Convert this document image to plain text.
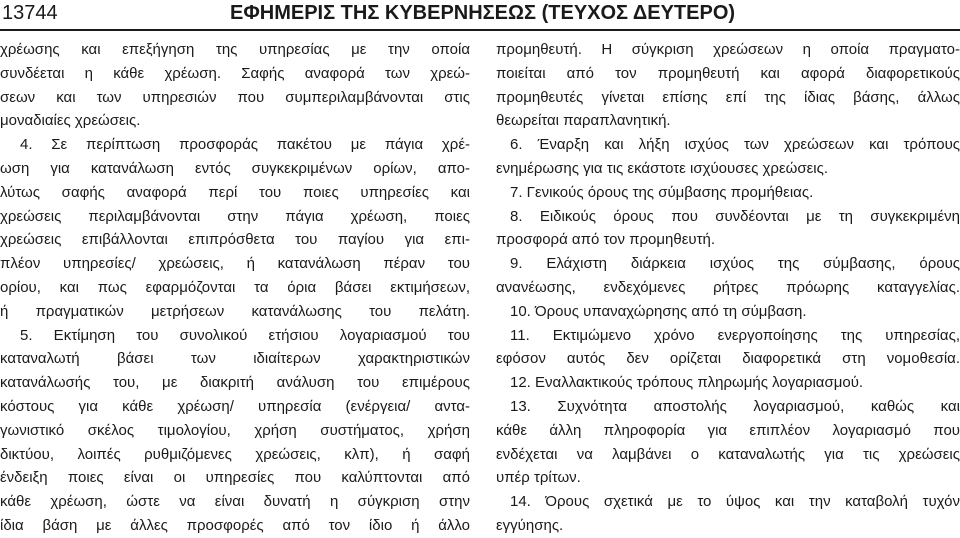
13744	ΕΦΗΜΕΡΙΣ ΤΗΣ ΚΥΒΕΡΝΗΣΕΩΣ (ΤΕΥΧΟΣ ΔΕΥΤΕΡΟ)
χρέωσης και επεξήγηση της υπηρεσίας με την οποία
συνδέεται η κάθε χρέωση. Σαφής αναφορά των χρεώ-
σεων και των υπηρεσιών που συμπεριλαμβάνονται στις
μοναδιαίες χρεώσεις.
4. Σε περίπτωση προσφοράς πακέτου με πάγια χρέ-
ωση για κατανάλωση εντός συγκεκριμένων ορίων, απο-
λύτως σαφής αναφορά περί του ποιες υπηρεσίες και
χρεώσεις περιλαμβάνονται στην πάγια χρέωση, ποιες
χρεώσεις επιβάλλονται επιπρόσθετα του παγίου για επι-
πλέον υπηρεσίες/ χρεώσεις, ή κατανάλωση πέραν του
ορίου, και πως εφαρμόζονται τα όρια βάσει εκτιμήσεων,
ή πραγματικών μετρήσεων κατανάλωσης του πελάτη.
5. Εκτίμηση του συνολικού ετήσιου λογαριασμού του
καταναλωτή βάσει των ιδιαίτερων χαρακτηριστικών
κατανάλωσής του, με διακριτή ανάλυση του επιμέρους
κόστους για κάθε χρέωση/ υπηρεσία (ενέργεια/ αντα-
γωνιστικό σκέλος τιμολογίου, χρήση συστήματος, χρήση
δικτύου, λοιπές ρυθμιζόμενες χρεώσεις, κλπ), ή σαφή
ένδειξη ποιες είναι οι υπηρεσίες που καλύπτονται από
κάθε χρέωση, ώστε να είναι δυνατή η σύγκριση στην
ίδια βάση με άλλες προσφορές από τον ίδιο ή άλλο
προμηθευτή. Η σύγκριση χρεώσεων η οποία πραγματο-
ποιείται από τον προμηθευτή και αφορά διαφορετικούς
προμηθευτές γίνεται επίσης επί της ίδιας βάσης, άλλως
θεωρείται παραπλανητική.
6. Έναρξη και λήξη ισχύος των χρεώσεων και τρόπους
ενημέρωσης για τις εκάστοτε ισχύουσες χρεώσεις.
7. Γενικούς όρους της σύμβασης προμήθειας.
8. Ειδικούς όρους που συνδέονται με τη συγκεκριμένη
προσφορά από τον προμηθευτή.
9. Ελάχιστη διάρκεια ισχύος της σύμβασης, όρους
ανανέωσης, ενδεχόμενες ρήτρες πρόωρης καταγγελίας.
10. Όρους υπαναχώρησης από τη σύμβαση.
11. Εκτιμώμενο χρόνο ενεργοποίησης της υπηρεσίας,
εφόσον αυτός δεν ορίζεται διαφορετικά στη νομοθεσία.
12. Εναλλακτικούς τρόπους πληρωμής λογαριασμού.
13. Συχνότητα αποστολής λογαριασμού, καθώς και
κάθε άλλη πληροφορία για επιπλέον λογαριασμό που
ενδέχεται να λαμβάνει ο καταναλωτής για τις χρεώσεις
υπέρ τρίτων.
14. Όρους σχετικά με το ύψος και την καταβολή τυχόν
εγγύησης.
